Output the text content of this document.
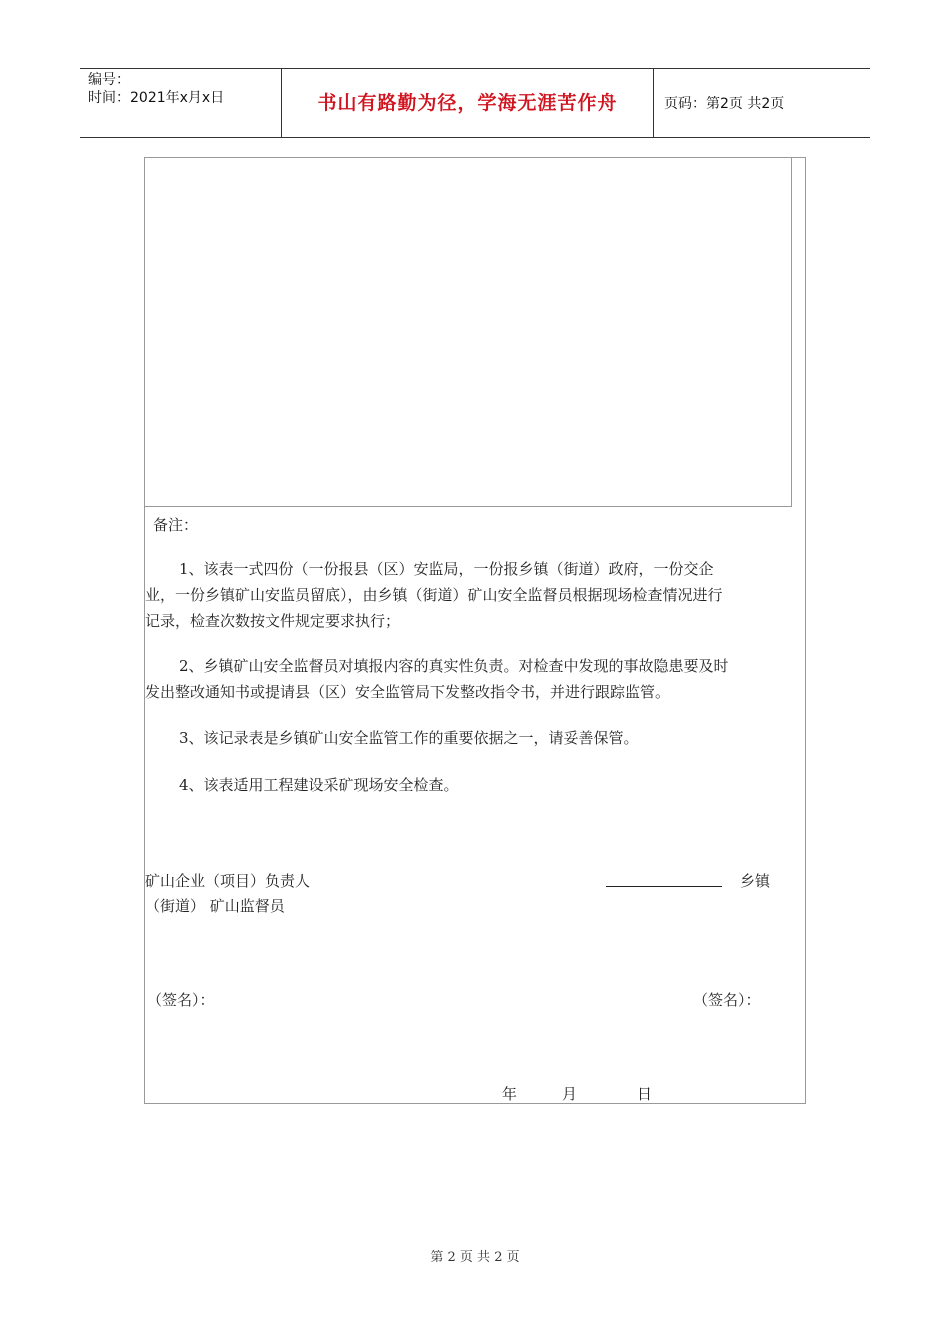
编号：
时间：2021年x月x日	书山有路勤为径，学海无涯苦作舟	页码：第2页 共2页
备注：
1、该表一式四份（一份报县（区）安监局，一份报乡镇（街道）政府，一份交企
业，一份乡镇矿山安监员留底），由乡镇（街道）矿山安全监督员根据现场检查情况进行
记录，检查次数按文件规定要求执行；
2、乡镇矿山安全监督员对填报内容的真实性负责。对检查中发现的事故隐患要及时
发出整改通知书或提请县（区）安全监管局下发整改指令书，并进行跟踪监管。
3、该记录表是乡镇矿山安全监管工作的重要依据之一，请妥善保管。
4、该表适用工程建设采矿现场安全检查。
矿山企业（项目）负责人	乡镇
（街道） 矿山监督员
（签名）：	（签名）：
年	月	日
第 2 页 共 2 页
